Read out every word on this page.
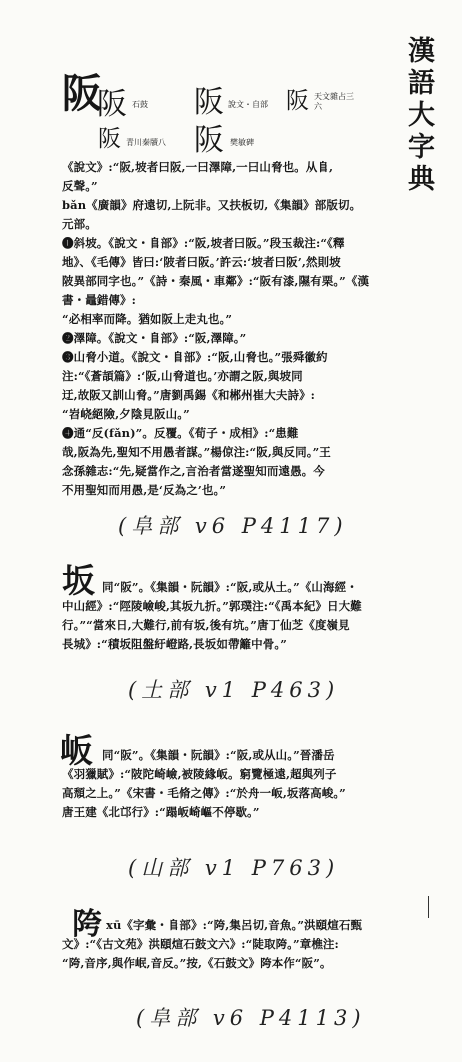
漢語大字典
阪
阪 石鼓 阪 說文・自部 阪 天文雜占三六
阪 青川秦牘八 阪 樊敏碑
《說文》:“阪,坡者曰阪,一曰澤障,一曰山脅也。从𨸏,
反聲。”
bǎn《廣韻》府遠切,上阮非。又扶板切,《集韻》部版切。
元部。
❶斜坡。《說文・𨸏部》:“阪,坡者曰阪。”段玉裁注:“《釋
地》、《毛傳》皆曰:‘陂者曰阪。’許云:‘坡者曰阪’,然則坡
陂異部同字也。”《詩・秦風・車鄰》:“阪有漆,隰有栗。”《漢書・鼂錯傳》:
“必相率而降。猶如阪上走丸也。”
❷澤障。《說文・𨸏部》:“阪,澤障。”
❸山脅小道。《說文・𨸏部》:“阪,山脅也。”張舜徽約
注:“《蒼頡篇》:‘阪,山脅道也。’亦謂之阪,與坡同
迂,故阪又訓山脅。”唐劉禹錫《和郴州崔大夫詩》:
“岧峣絕險,夕陰見阪山。”
❹通“反(fǎn)”。反覆。《荀子・成相》:“患難
哉,阪為先,聖知不用愚者謀。”楊倞注:“阪,與反同。”王
念孫雜志:“先,疑當作之,言治者當遂聖知而遠愚。今
不用聖知而用愚,是‘反為之’也。”
(阜部 v6 P4117)
坂 同“阪”。《集韻・阮韻》:“阪,或从土。”《山海經・
中山經》:“陘陵嶮峻,其坂九折。”郭璞注:“《禹本紀》日大難
行。”“當來日,大難行,前有坂,後有坑。”唐丁仙芝《度嶺見
長城》:“積坂阻盤紆嶝路,長坂如帶籬中骨。”
(土部 v1 P463)
岅 同“阪”。《集韻・阮韻》:“阪,或从山。”晉潘岳
《羽獵賦》:“陂陀崎嶮,被陵緣岅。窮覽極遠,超與列子
高頹之上。”《宋書・毛脩之傳》:“於舟一岅,坂落高峻。”
唐王建《北邙行》:“蹋岅崎嶇不停歇。”
(山部 v1 P763)
陓 xū《字彙・𨸏部》:“陓,集呂切,音魚。”洪頤煊石甄
文》:“《古文苑》洪頤煊石鼓文六》:“陡取陓。”章樵注:
“陓,音序,與作岷,音反。”按,《石鼓文》陓本作“阪”。
(阜部 v6 P4113)
